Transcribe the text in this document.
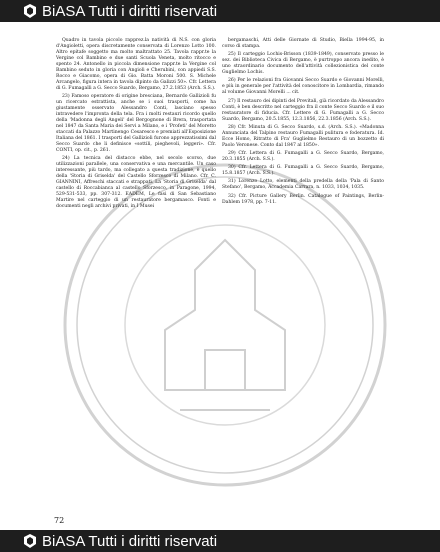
BiASA Tutti i diritti riservati

Quadro in tavola piccolo rapprez.la natività di N.S. con gloria d'Angioletti, opera discretamente conservata di Lorenzo Lotto 100. Altro epitafe soggetto ma molto maltrattato 25. Tavola rappr.te la Vergine col Bambino e due santi Scuola Veneta, molto ritocco e spento 24. Antonello in piccola dimensione rappr.te la Vergine col Bambino seduto in gloria con Angioli e Cherubini, con appiedi S.S. Rocco e Giacomo, opera di Gio. Batta Moroni 500. S. Michele Arcangelo, figura intera in tavola dipinto da Galizzi 50». Cfr. Lettera di G. Fumagalli a G. Secco Suardo, Bergamo, 27.2.1853 (Arch. S.S.).

23) Famoso operatore di origine bresciana, Bernardo Gallizioli fu un ricercato estrattista, anche se i suoi trasporti, come ha giustamente osservato Alessandro Conti, lasciano spesso intravedere l'impronta della tela. Fra i molti restauri ricordo quello della 'Madonna degli Angeli' del Bergognone di Brera, trasportata nel 1847 da Santa Maria dei Servi a Milano, e i 'Profeti' del Moretto staccati da Palazzo Martinengo Cesaresco e premiati all'Esposizione Italiana del 1861. I trasporti del Gallizioli furono apprezzatissimi dal Secco Suardo che li definisce «sottili, pieghevoli, leggeri». Cfr. CONTI, op. cit., p. 261.

24) La tecnica del distacco ebbe, nel secolo scorso, due utilizzazioni parallele, una conservativa e una mercantile. Un caso interessante, più tardo, ma collegato a questa tradizione, è quello della 'Storia di Griselda' del Castello Sforzesco di Milano. Cfr. C. GIANNINI, Affreschi staccati e strappati. La 'Storia di Griselda' dal castello di Roccabianca al castello Sforzesco, in Paragone, 1994, 529-531-533, pp. 307-312. EADEM, Le fasi di San Sebastiano Martire nel carteggio di un restauratore bergamasco. Fonti e documenti negli archivi privati, in I Musei

bergamaschi, Atti delle Giornate di Studio, Biella 1994-95, in corso di stampa.

25) Il carteggio Lochis-Brisson (1839-1849), conservato presso le sez. dei Biblioteca Civica di Bergamo, è purtroppo ancora inedito, è uno straordinario documento dell'attività collezionistica del conte Guglielmo Lochis.

26) Per le relazioni fra Giovanni Secco Suardo e Giovanni Morelli, e più in generale per l'attività del conoscitore in Lombardia, rimando al volume Giovanni Morelli ... cit.

27) Il restauro dei dipinti del Previtali, già ricordato da Alessandro Conti, è ben descritto nel carteggio fra il conte Secco Suardo e il suo restauratore di fiducia. Cfr. Lettere di G. Fumagalli a G. Secco Suardo, Bergamo, 20.5.1855, 12.3.1856, 22.3.1856 (Arch. S.S.).

28) Cfr. Minuta di G. Secco Suardo, s.d. (Arch. S.S.). «Madonna Annunciata del Talpino restauro Fumagalli pulitura e foderatura. Id. Ecce Homo, Ritratto di Fra' Guglielmo Restauro di un bozzetto di Paolo Veronese. Conto dal 1847 al 1850».

29) Cfr. Lettera di G. Fumagalli a G. Secco Suardo, Bergamo, 20.3.1855 (Arch. S.S.).

30) Cfr. Lettera di G. Fumagalli a G. Secco Suardo, Bergamo, 15.8.1857 (Arch. S.S.).

31) Lorenzo Lotto, elementi della predella della 'Pala di Santo Stefano', Bergamo, Accademia Carrara, n. 1033, 1034, 1035.

32) Cfr. Picture Gallery Berlin. Catalogue of Paintings, Berlin-Dahlem 1978, pp. 7-11.

72
BiASA Tutti i diritti riservati
